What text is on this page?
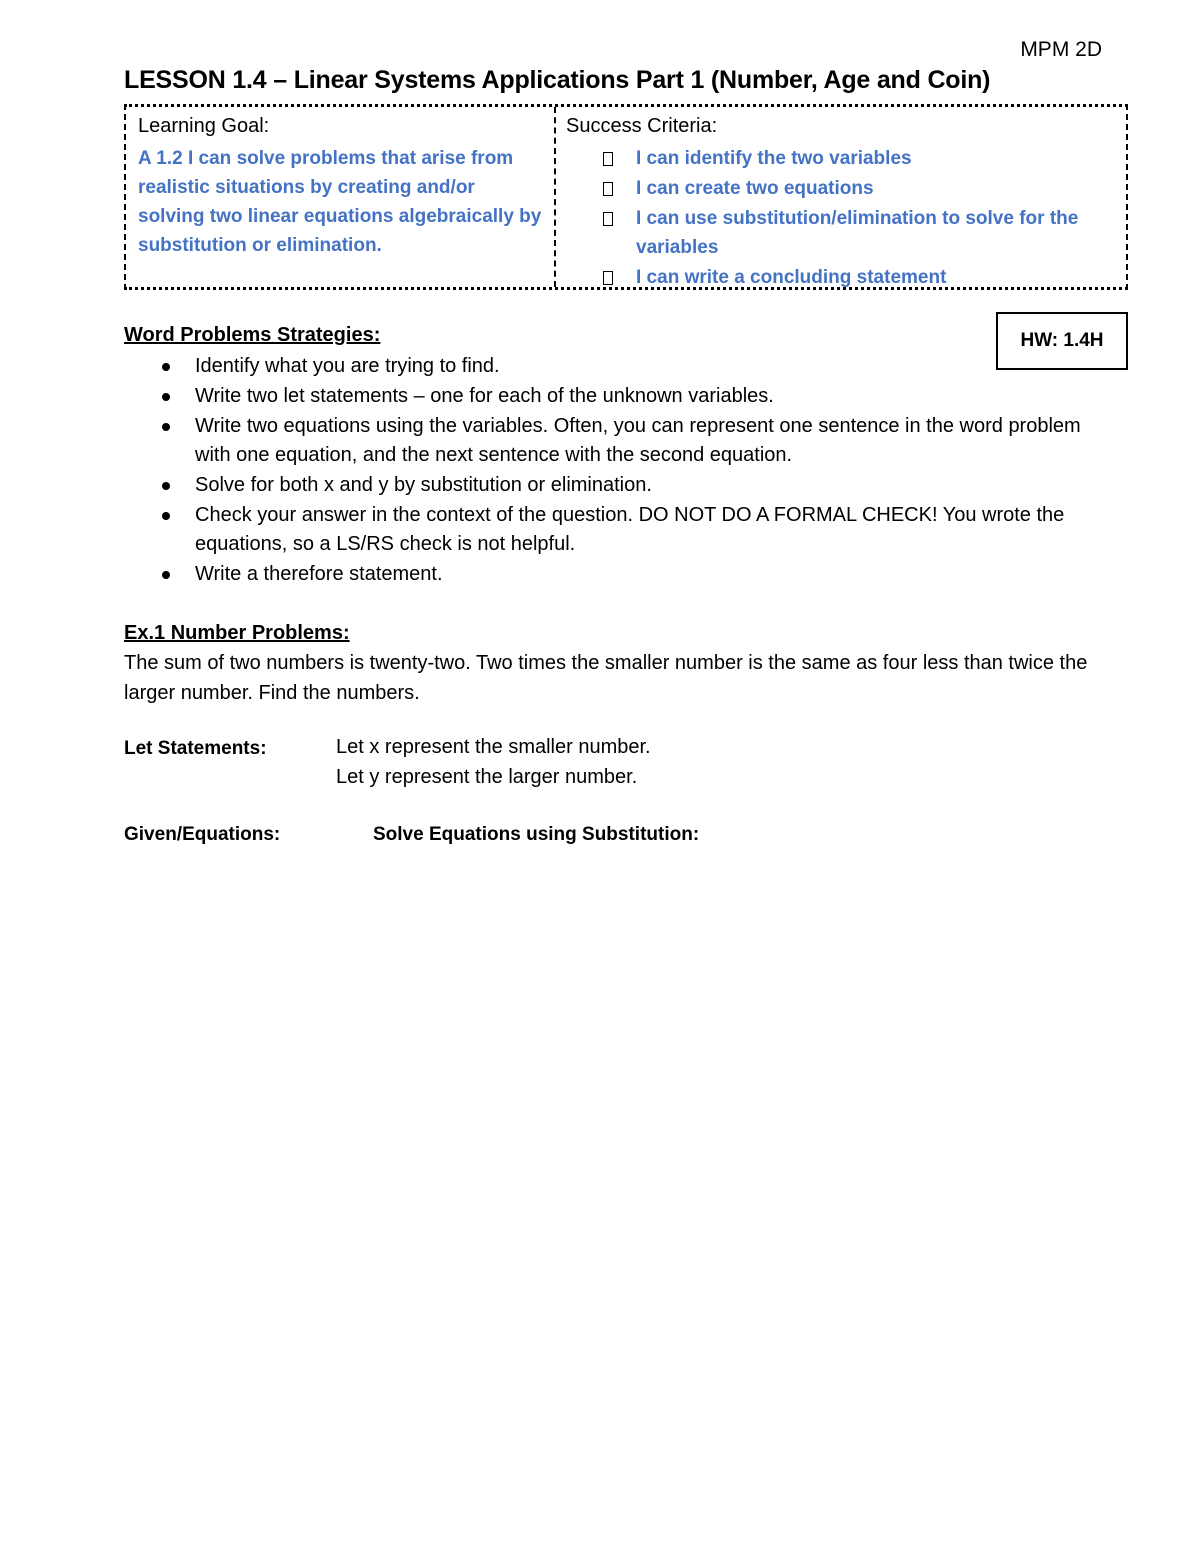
MPM 2D
LESSON 1.4 – Linear Systems Applications Part 1 (Number, Age and Coin)
Learning Goal:
A 1.2 I can solve problems that arise from realistic situations by creating and/or solving two linear equations algebraically by substitution or elimination.
Success Criteria:
I can identify the two variables
I can create two equations
I can use substitution/elimination to solve for the variables
I can write a concluding statement
HW: 1.4H
Word Problems Strategies:
Identify what you are trying to find.
Write two let statements – one for each of the unknown variables.
Write two equations using the variables. Often, you can represent one sentence in the word problem with one equation, and the next sentence with the second equation.
Solve for both x and y by substitution or elimination.
Check your answer in the context of the question. DO NOT DO A FORMAL CHECK! You wrote the equations, so a LS/RS check is not helpful.
Write a therefore statement.
Ex.1 Number Problems:
The sum of two numbers is twenty-two. Two times the smaller number is the same as four less than twice the larger number. Find the numbers.
Let Statements:	Let x represent the smaller number.
Let y represent the larger number.
Given/Equations:	Solve Equations using Substitution:
